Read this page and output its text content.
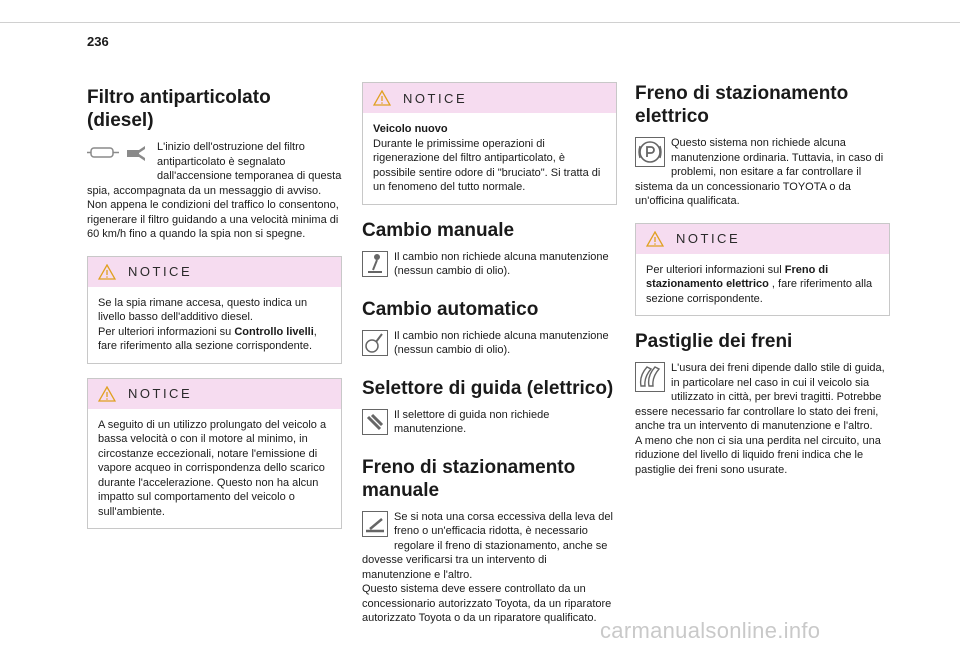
236
Filtro antiparticolato (diesel)

L'inizio dell'ostruzione del filtro antiparticolato è segnalato dall'accensione temporanea di questa spia, accompagnata da un messaggio di avviso.

Non appena le condizioni del traffico lo consentono, rigenerare il filtro guidando a una velocità minima di 60 km/h fino a quando la spia non si spegne.

NOTICE
Se la spia rimane accesa, questo indica un livello basso dell'additivo diesel.
Per ulteriori informazioni su Controllo livelli, fare riferimento alla sezione corrispondente.
NOTICE
A seguito di un utilizzo prolungato del veicolo a bassa velocità o con il motore al minimo, in circostanze eccezionali, notare l'emissione di vapore acqueo in corrispondenza dello scarico durante l'accelerazione. Questo non ha alcun impatto sul comportamento del veicolo o sull'ambiente.
NOTICE
Veicolo nuovo
Durante le primissime operazioni di rigenerazione del filtro antiparticolato, è possibile sentire odore di "bruciato". Si tratta di un fenomeno del tutto normale.
Cambio manuale

Il cambio non richiede alcuna manutenzione (nessun cambio di olio).

Cambio automatico

Il cambio non richiede alcuna manutenzione (nessun cambio di olio).

Selettore di guida (elettrico)

Il selettore di guida non richiede manutenzione.

Freno di stazionamento manuale

Se si nota una corsa eccessiva della leva del freno o un'efficacia ridotta, è necessario regolare il freno di stazionamento, anche se dovesse verificarsi tra un intervento di manutenzione e l'altro.

Questo sistema deve essere controllato da un concessionario autorizzato Toyota, da un riparatore autorizzato Toyota o da un riparatore qualificato.

Freno di stazionamento elettrico

Questo sistema non richiede alcuna manutenzione ordinaria. Tuttavia, in caso di problemi, non esitare a far controllare il sistema da un concessionario TOYOTA o da un'officina qualificata.

NOTICE
Per ulteriori informazioni sul Freno di stazionamento elettrico , fare riferimento alla sezione corrispondente.
Pastiglie dei freni

L'usura dei freni dipende dallo stile di guida, in particolare nel caso in cui il veicolo sia utilizzato in città, per brevi tragitti. Potrebbe essere necessario far controllare lo stato dei freni, anche tra un intervento di manutenzione e l'altro.

A meno che non ci sia una perdita nel circuito, una riduzione del livello di liquido freni indica che le pastiglie dei freni sono usurate.

carmanualsonline.info
